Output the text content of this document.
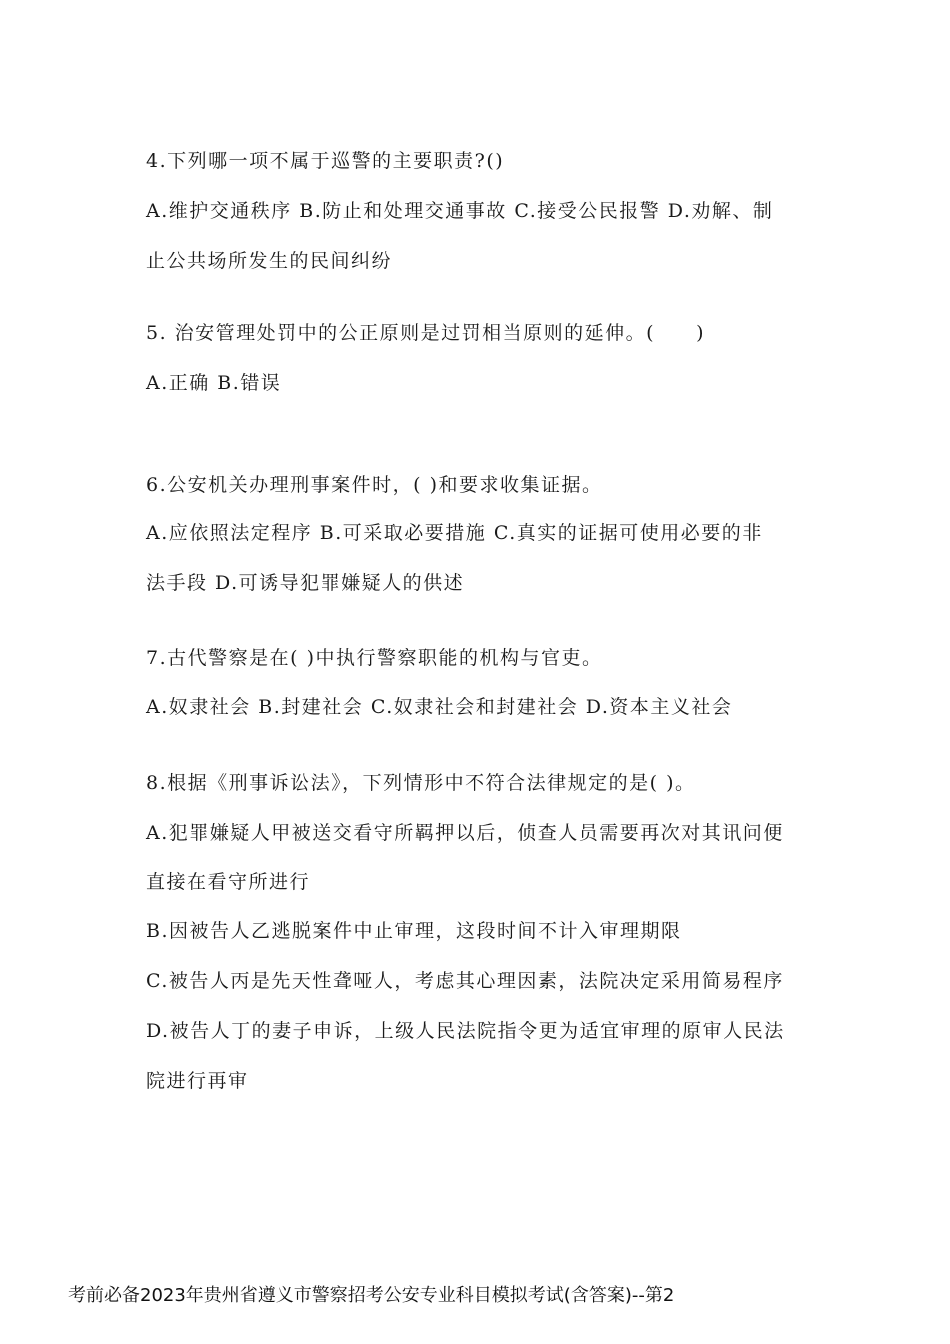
4.下列哪一项不属于巡警的主要职责?()
A.维护交通秩序 B.防止和处理交通事故 C.接受公民报警 D.劝解、制
止公共场所发生的民间纠纷
5. 治安管理处罚中的公正原则是过罚相当原则的延伸。(　　)
A.正确 B.错误
6.公安机关办理刑事案件时，( )和要求收集证据。
A.应依照法定程序 B.可采取必要措施 C.真实的证据可使用必要的非
法手段 D.可诱导犯罪嫌疑人的供述
7.古代警察是在( )中执行警察职能的机构与官吏。
A.奴隶社会 B.封建社会 C.奴隶社会和封建社会 D.资本主义社会
8.根据《刑事诉讼法》，下列情形中不符合法律规定的是( )。
A.犯罪嫌疑人甲被送交看守所羁押以后，侦查人员需要再次对其讯问便
直接在看守所进行
B.因被告人乙逃脱案件中止审理，这段时间不计入审理期限
C.被告人丙是先天性聋哑人，考虑其心理因素，法院决定采用简易程序
D.被告人丁的妻子申诉，上级人民法院指令更为适宜审理的原审人民法
院进行再审
考前必备2023年贵州省遵义市警察招考公安专业科目模拟考试(含答案)--第2
